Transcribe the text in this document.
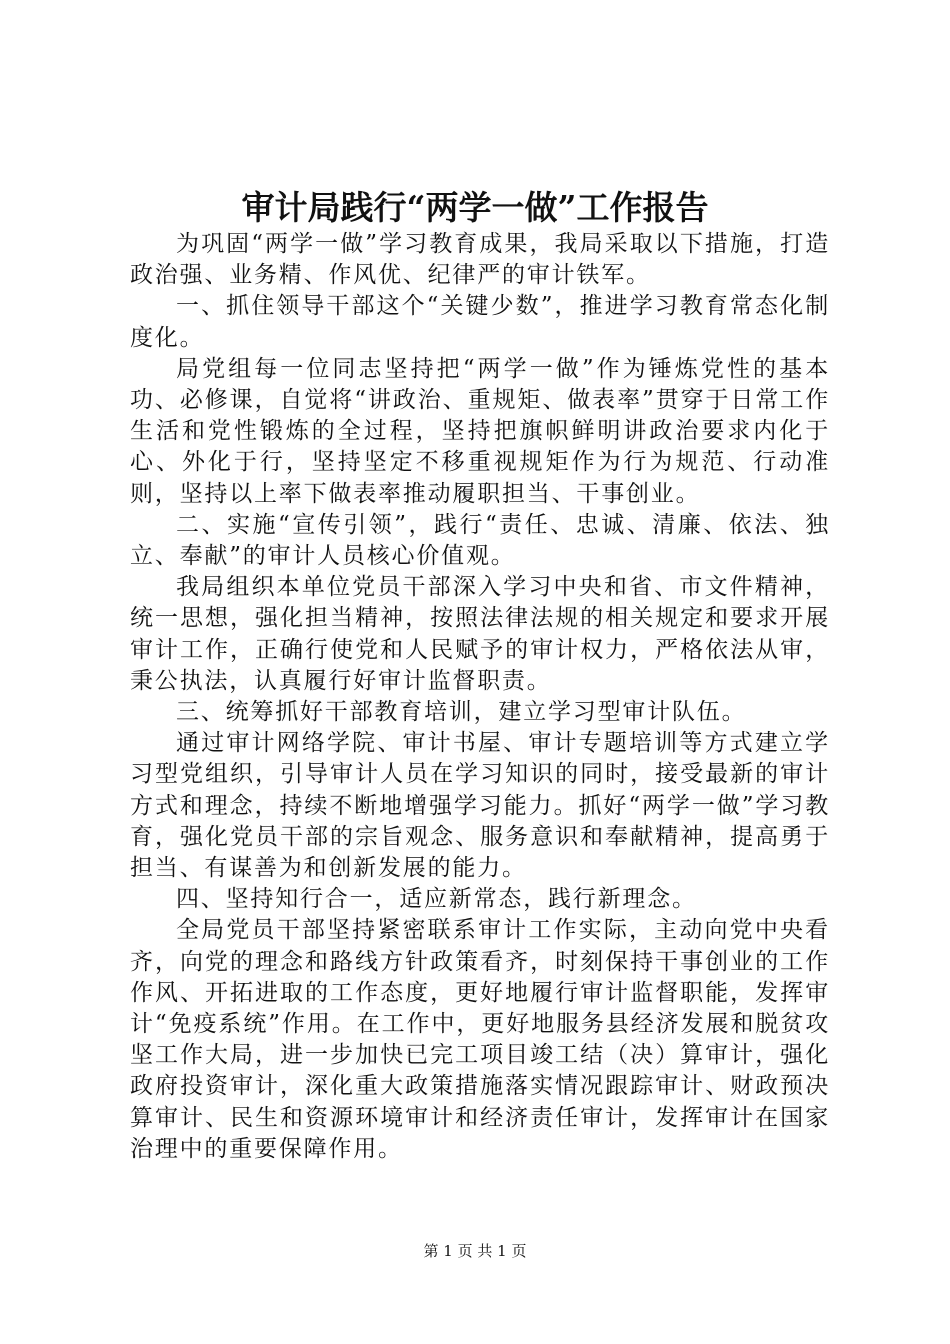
审计局践行“两学一做”工作报告

为巩固“两学一做”学习教育成果，我局采取以下措施，打造政治强、业务精、作风优、纪律严的审计铁军。

一、抓住领导干部这个“关键少数”，推进学习教育常态化制度化。

局党组每一位同志坚持把“两学一做”作为锤炼党性的基本功、必修课，自觉将“讲政治、重规矩、做表率”贯穿于日常工作生活和党性锻炼的全过程，坚持把旗帜鲜明讲政治要求内化于心、外化于行，坚持坚定不移重视规矩作为行为规范、行动准则，坚持以上率下做表率推动履职担当、干事创业。

二、实施“宣传引领”，践行“责任、忠诚、清廉、依法、独立、奉献”的审计人员核心价值观。

我局组织本单位党员干部深入学习中央和省、市文件精神，统一思想，强化担当精神，按照法律法规的相关规定和要求开展审计工作，正确行使党和人民赋予的审计权力，严格依法从审，秉公执法，认真履行好审计监督职责。

三、统筹抓好干部教育培训，建立学习型审计队伍。

通过审计网络学院、审计书屋、审计专题培训等方式建立学习型党组织，引导审计人员在学习知识的同时，接受最新的审计方式和理念，持续不断地增强学习能力。抓好“两学一做”学习教育，强化党员干部的宗旨观念、服务意识和奉献精神，提高勇于担当、有谋善为和创新发展的能力。

四、坚持知行合一，适应新常态，践行新理念。

全局党员干部坚持紧密联系审计工作实际，主动向党中央看齐，向党的理念和路线方针政策看齐，时刻保持干事创业的工作作风、开拓进取的工作态度，更好地履行审计监督职能，发挥审计“免疫系统”作用。在工作中，更好地服务县经济发展和脱贫攻坚工作大局，进一步加快已完工项目竣工结（决）算审计，强化政府投资审计，深化重大政策措施落实情况跟踪审计、财政预决算审计、民生和资源环境审计和经济责任审计，发挥审计在国家治理中的重要保障作用。

第 1 页 共 1 页
